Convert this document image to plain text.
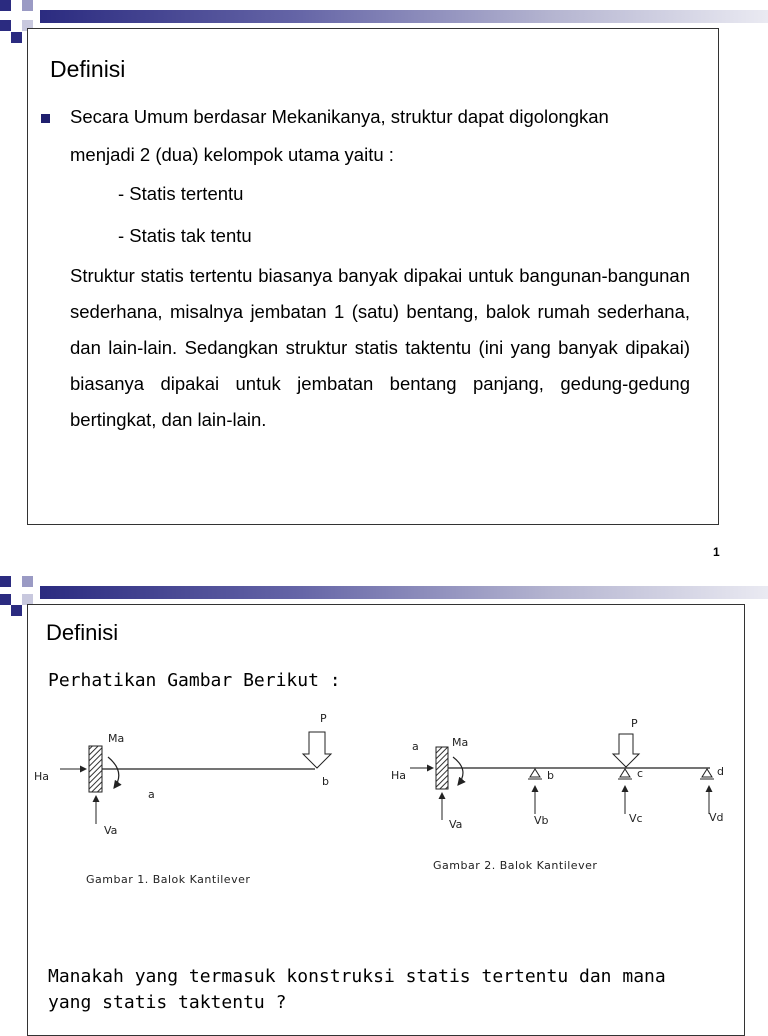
Definisi
Secara Umum berdasar Mekanikanya, struktur dapat digolongkan
menjadi 2 (dua) kelompok utama yaitu :
- Statis tertentu
- Statis tak tentu
Struktur statis tertentu biasanya banyak dipakai untuk bangunan-bangunan sederhana, misalnya jembatan 1 (satu) bentang, balok rumah sederhana, dan lain-lain. Sedangkan struktur statis taktentu (ini yang banyak dipakai) biasanya dipakai untuk jembatan bentang panjang, gedung-gedung bertingkat, dan lain-lain.
1
Definisi
Perhatikan Gambar Berikut :
P
Ma
Ha
a
b
Va
P
a	Ma
Ha	b	c	d
Va	Vb	Vc	Vd
Gambar 1. Balok Kantilever
Gambar 2. Balok Kantilever
Manakah yang termasuk konstruksi statis tertentu dan mana
yang statis taktentu ?
